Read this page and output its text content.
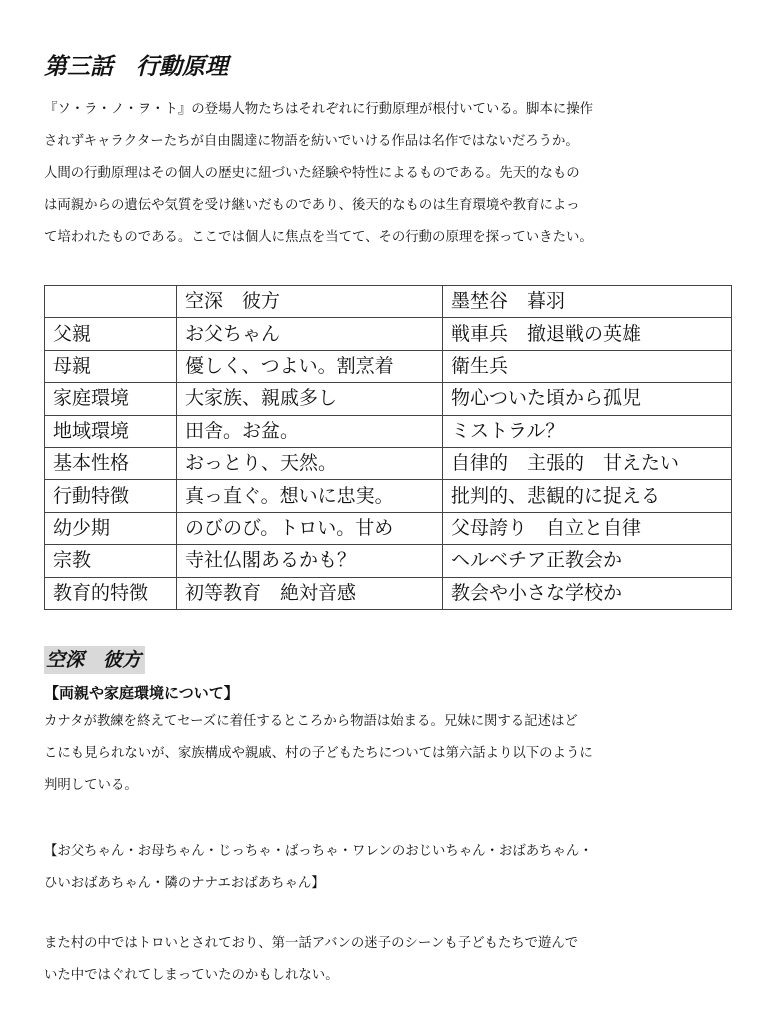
第三話　行動原理
『ソ・ラ・ノ・ヲ・ト』の登場人物たちはそれぞれに行動原理が根付いている。脚本に操作
されずキャラクターたちが自由闊達に物語を紡いでいける作品は名作ではないだろうか。
人間の行動原理はその個人の歴史に紐づいた経験や特性によるものである。先天的なもの
は両親からの遺伝や気質を受け継いだものであり、後天的なものは生育環境や教育によっ
て培われたものである。ここでは個人に焦点を当てて、その行動の原理を探っていきたい。
	空深　彼方	墨埜谷　暮羽
父親	お父ちゃん	戦車兵　撤退戦の英雄
母親	優しく、つよい。割烹着	衛生兵
家庭環境	大家族、親戚多し	物心ついた頃から孤児
地域環境	田舎。お盆。	ミストラル？
基本性格	おっとり、天然。	自律的　主張的　甘えたい
行動特徴	真っ直ぐ。想いに忠実。	批判的、悲観的に捉える
幼少期	のびのび。トロい。甘め	父母誇り　自立と自律
宗教	寺社仏閣あるかも？	ヘルベチア正教会か
教育的特徴	初等教育　絶対音感	教会や小さな学校か
空深　彼方
【両親や家庭環境について】
カナタが教練を終えてセーズに着任するところから物語は始まる。兄妹に関する記述はど
こにも見られないが、家族構成や親戚、村の子どもたちについては第六話より以下のように
判明している。
【お父ちゃん・お母ちゃん・じっちゃ・ばっちゃ・ワレンのおじいちゃん・おばあちゃん・
ひいおばあちゃん・隣のナナエおばあちゃん】
また村の中ではトロいとされており、第一話アバンの迷子のシーンも子どもたちで遊んで
いた中ではぐれてしまっていたのかもしれない。
